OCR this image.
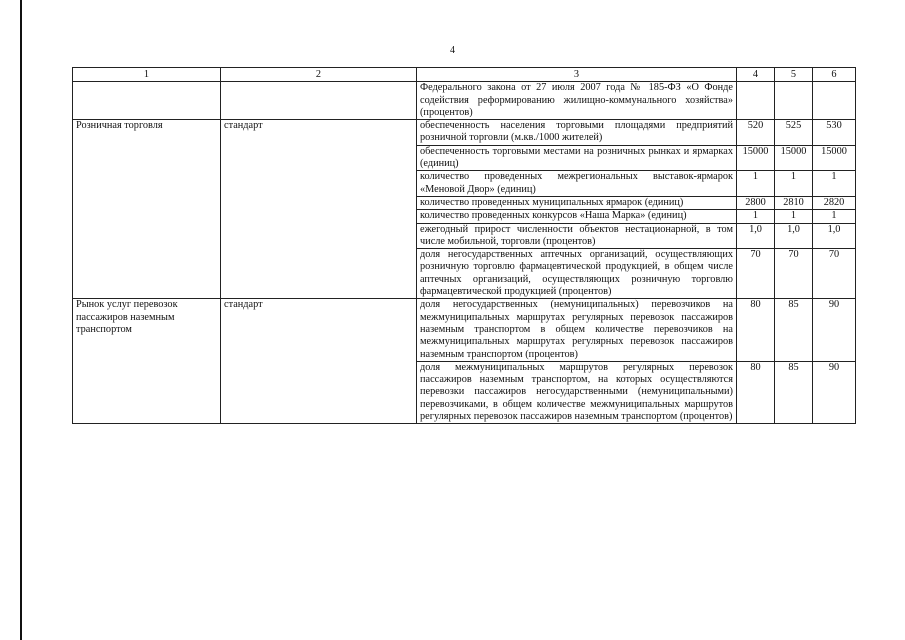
4
1	2	3	4	5	6
		Федерального закона от 27 июля 2007 года № 185-ФЗ «О Фонде содействия реформированию жилищно-коммунального хозяйства» (процентов)			
Розничная торговля	стандарт	обеспеченность населения торговыми площадями предприятий розничной торговли (м.кв./1000 жителей)	520	525	530
		обеспеченность торговыми местами на розничных рынках и ярмарках (единиц)	15000	15000	15000
		количество проведенных межрегиональных выставок-ярмарок «Меновой Двор» (единиц)	1	1	1
		количество проведенных муниципальных ярмарок (единиц)	2800	2810	2820
		количество проведенных конкурсов «Наша Марка» (единиц)	1	1	1
		ежегодный прирост численности объектов нестационарной, в том числе мобильной, торговли (процентов)	1,0	1,0	1,0
		доля негосударственных аптечных организаций, осуществляющих розничную торговлю фармацевтической продукцией, в общем числе аптечных организаций, осуществляющих розничную торговлю фармацевтической продукцией (процентов)	70	70	70
Рынок услуг перевозок пассажиров наземным транспортом	стандарт	доля негосударственных (немуниципальных) перевозчиков на межмуниципальных маршрутах регулярных перевозок пассажиров наземным транспортом в общем количестве перевозчиков на межмуниципальных маршрутах регулярных перевозок пассажиров наземным транспортом (процентов)	80	85	90
		доля межмуниципальных маршрутов регулярных перевозок пассажиров наземным транспортом, на которых осуществляются перевозки пассажиров негосударственными (немуниципальными) перевозчиками, в общем количестве межмуниципальных маршрутов регулярных перевозок пассажиров наземным транспортом (процентов)	80	85	90
